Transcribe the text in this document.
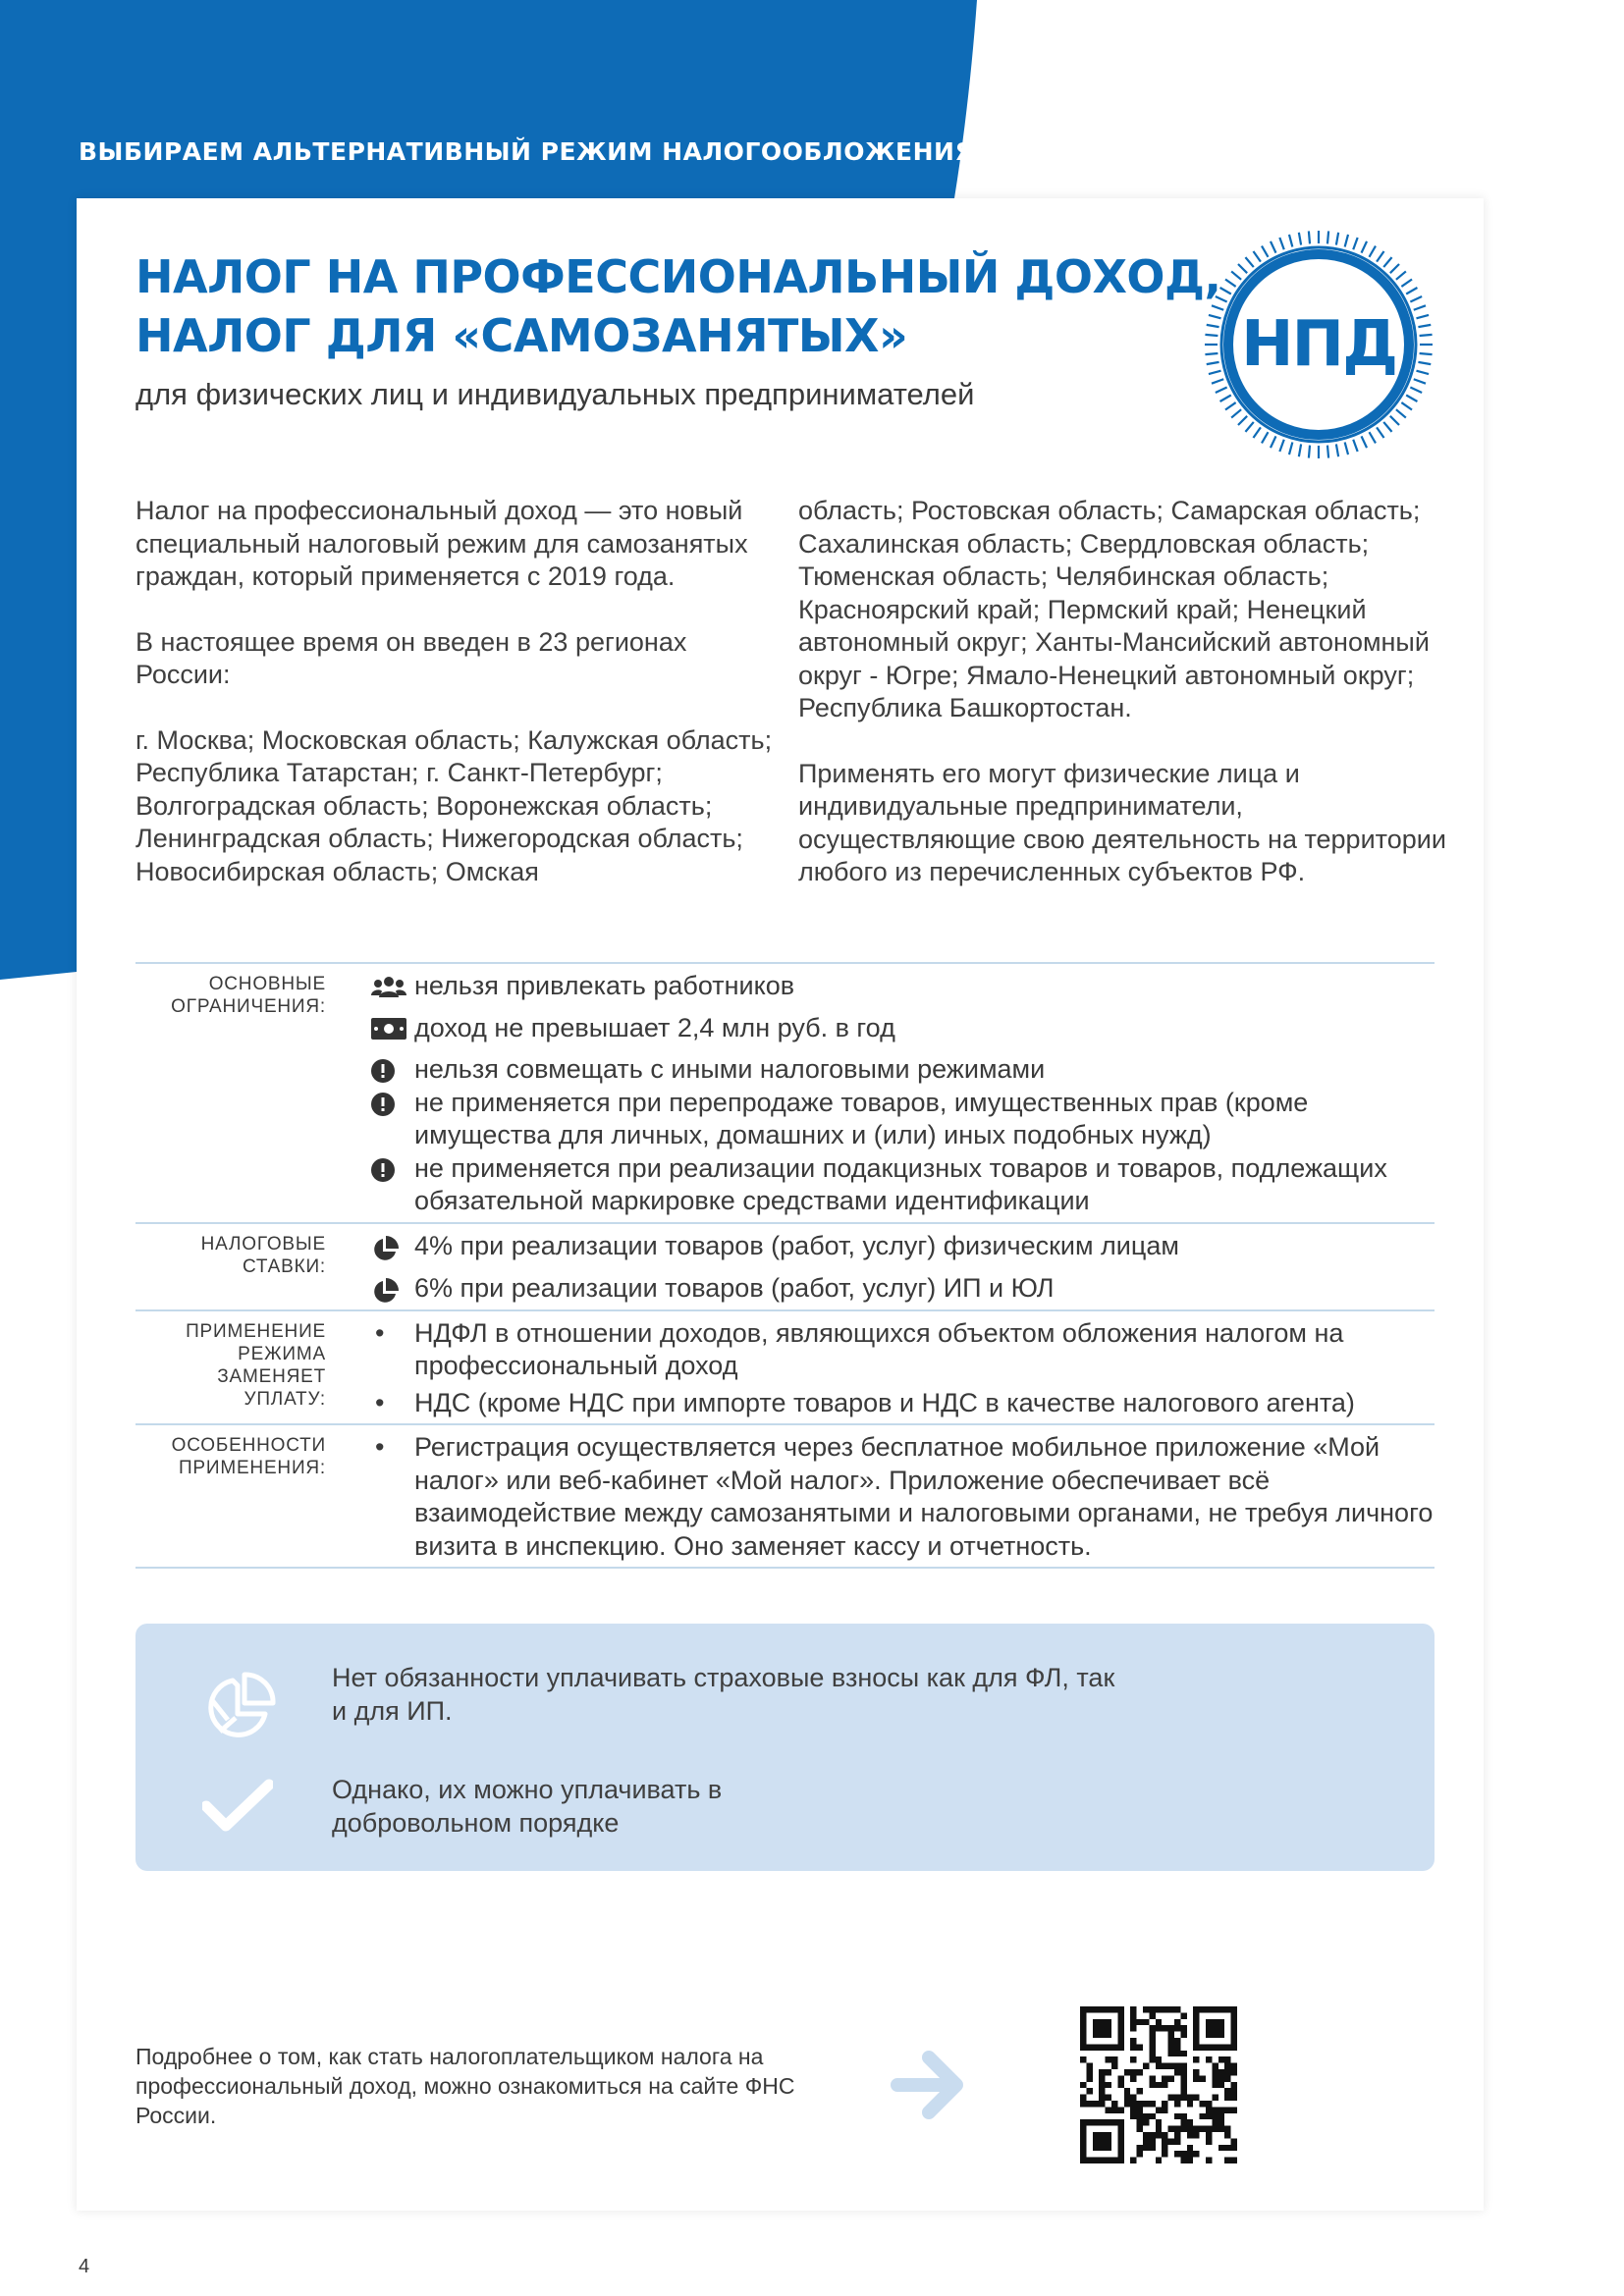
ВЫБИРАЕМ АЛЬТЕРНАТИВНЫЙ РЕЖИМ НАЛОГООБЛОЖЕНИЯ
НАЛОГ НА ПРОФЕССИОНАЛЬНЫЙ ДОХОД,
НАЛОГ ДЛЯ «САМОЗАНЯТЫХ»
для физических лиц и индивидуальных предпринимателей
НПД

Налог на профессиональный доход — это новый специальный налоговый режим для самозанятых граждан, который применяется с 2019 года.

В настоящее время он введен в 23 регионах России:

г. Москва; Московская область; Калужская область; Республика Татарстан; г. Санкт-Петербург; Волгоградская область; Воронежская область; Ленинградская область; Нижегородская область; Новосибирская область; Омская

область; Ростовская область; Самарская область; Сахалинская область; Свердловская область; Тюменская область; Челябинская область; Красноярский край; Пермский край; Ненецкий автономный округ; Ханты-Мансийский автономный округ - Югре; Ямало-Ненецкий автономный округ; Республика Башкортостан.

Применять его могут физические лица и индивидуальные предприниматели, осуществляющие свою деятельность на территории любого из перечисленных субъектов РФ.

ОСНОВНЫЕ ОГРАНИЧЕНИЯ:
нельзя привлекать работников
доход не превышает 2,4 млн руб. в год
нельзя совмещать с иными налоговыми режимами
не применяется при перепродаже товаров, имущественных прав (кроме имущества для личных, домашних и (или) иных подобных нужд)
не применяется при реализации подакцизных товаров и товаров, подлежащих обязательной маркировке средствами идентификации
НАЛОГОВЫЕ СТАВКИ:
4% при реализации товаров (работ, услуг) физическим лицам
6% при реализации товаров (работ, услуг) ИП и ЮЛ
ПРИМЕНЕНИЕ РЕЖИМА ЗАМЕНЯЕТ УПЛАТУ:
•	НДФЛ в отношении доходов, являющихся объектом обложения налогом на профессиональный доход
•	НДС (кроме НДС при импорте товаров и НДС в качестве налогового агента)
ОСОБЕННОСТИ ПРИМЕНЕНИЯ:
•	Регистрация осуществляется через бесплатное мобильное приложение «Мой налог» или веб-кабинет «Мой налог». Приложение обеспечивает всё взаимодействие между самозанятыми и налоговыми органами, не требуя личного визита в инспекцию. Оно заменяет кассу и отчетность.
Нет обязанности уплачивать страховые взносы как для ФЛ, так и для ИП.
Однако, их можно уплачивать в добровольном порядке
Подробнее о том, как стать налогоплательщиком налога на профессиональный доход, можно ознакомиться на сайте ФНС России.
4
